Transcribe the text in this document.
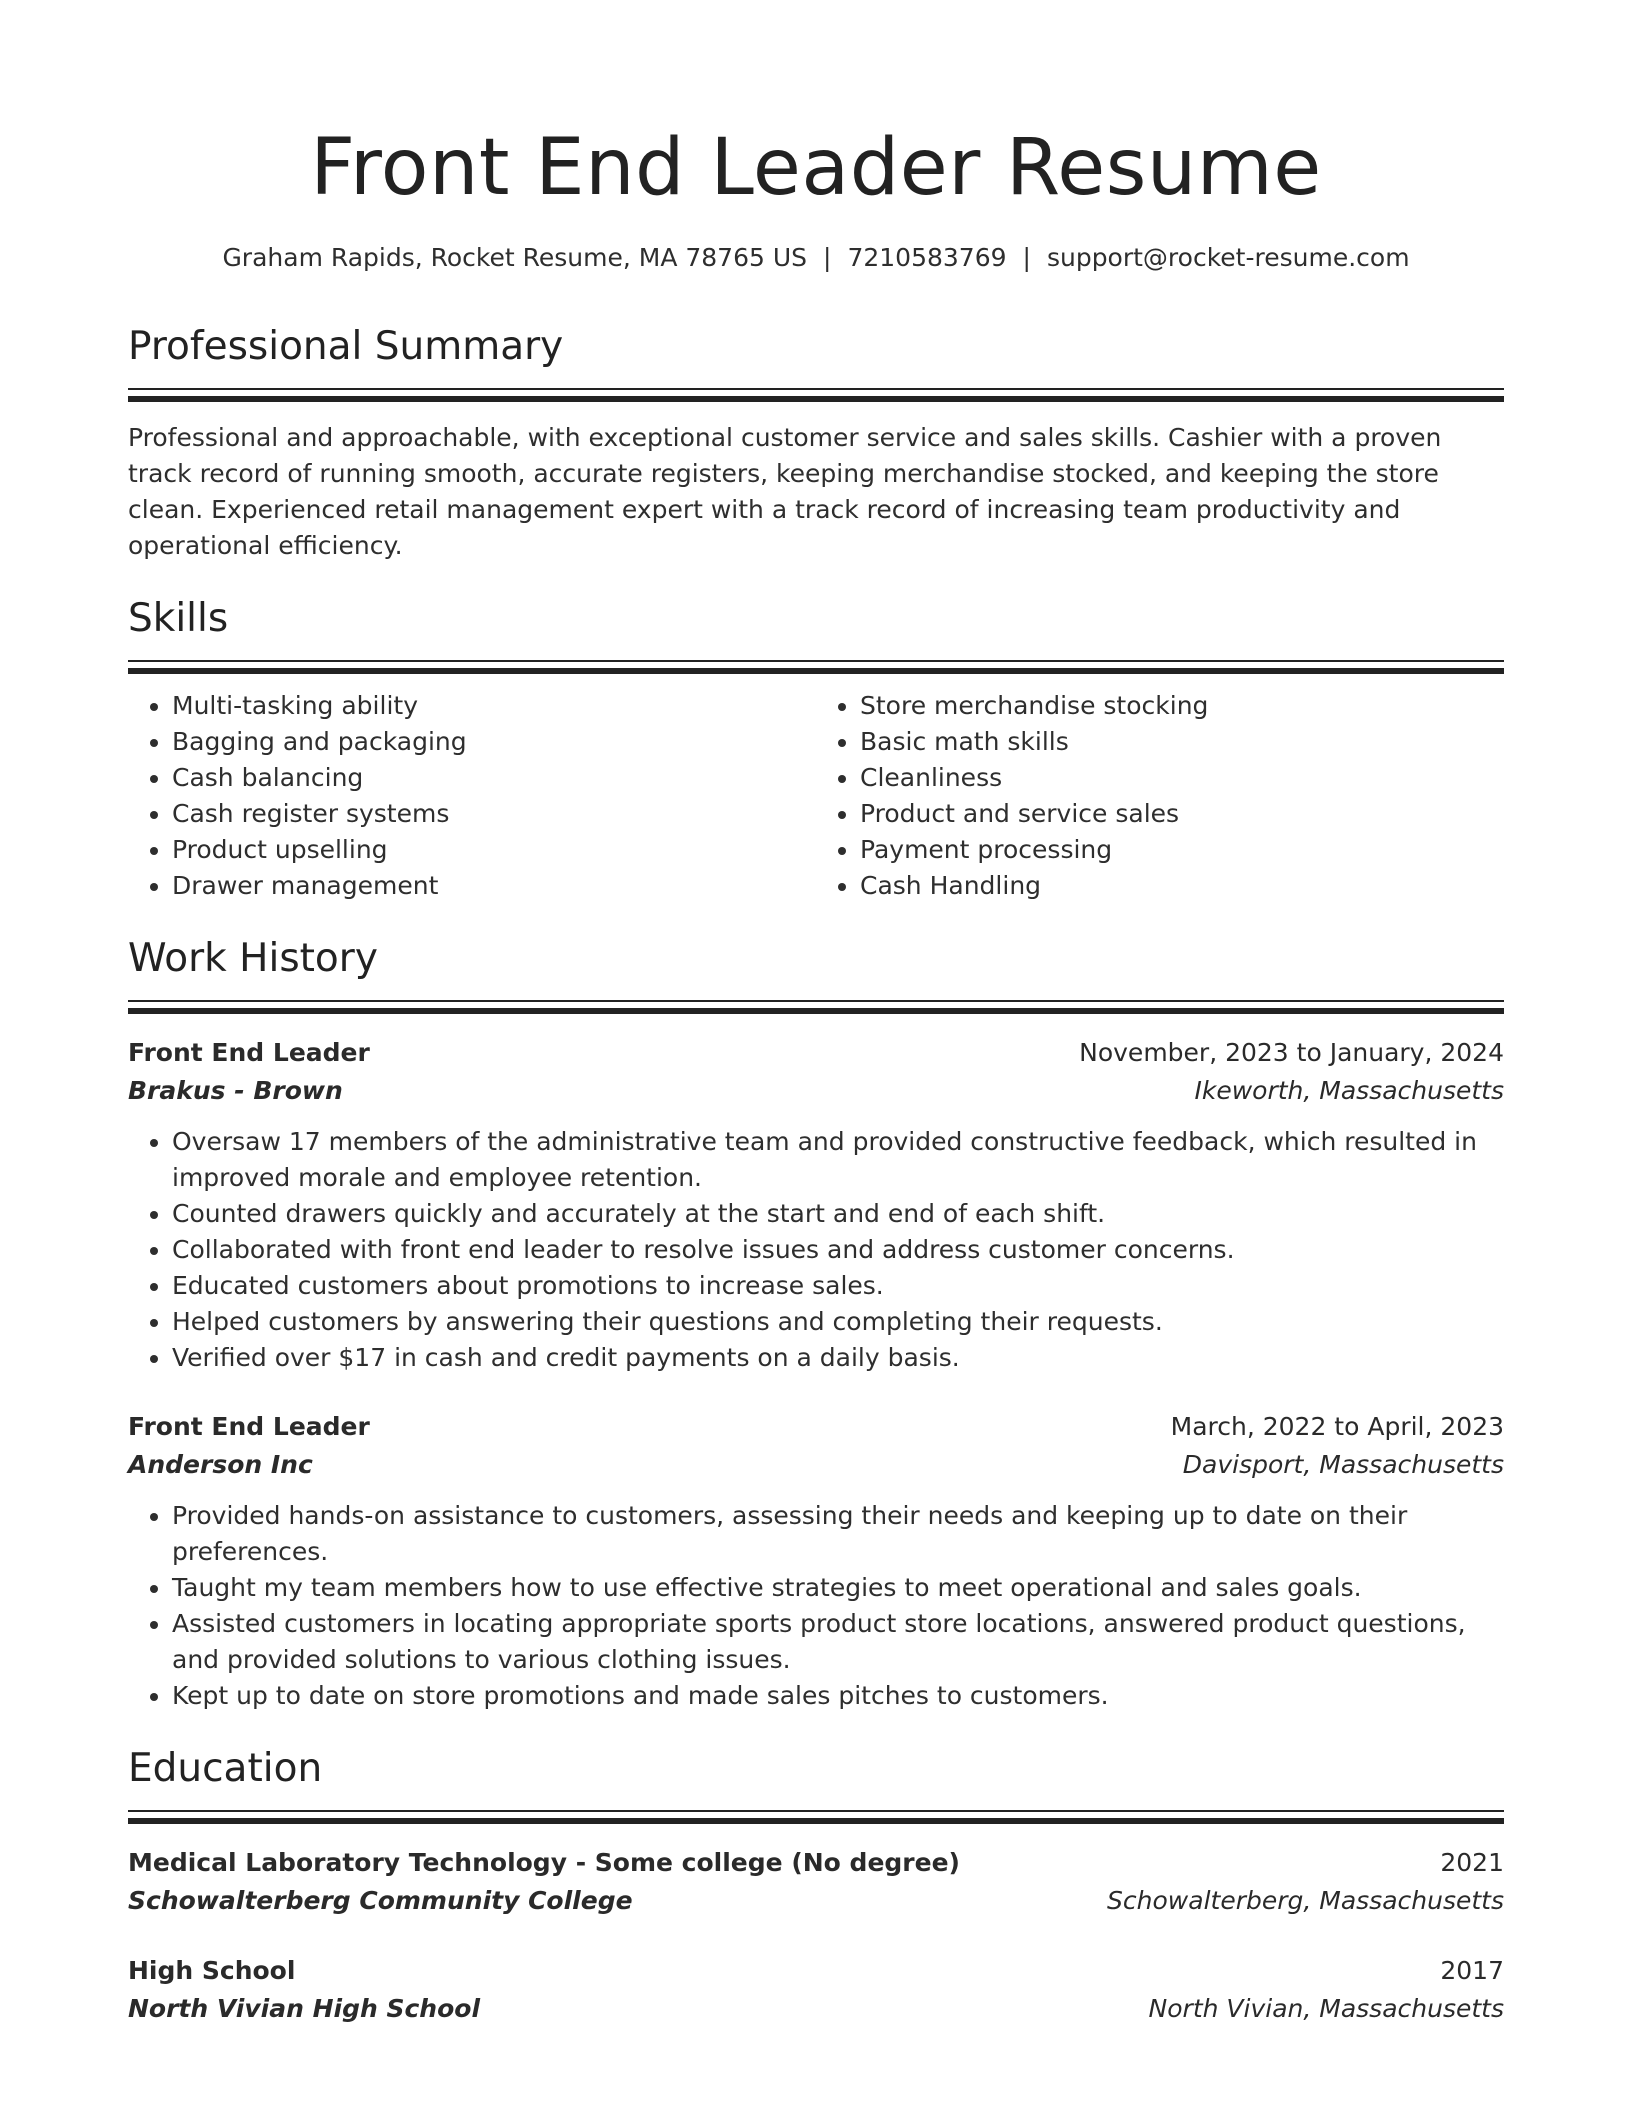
Front End Leader Resume
Graham Rapids, Rocket Resume, MA 78765 US | 7210583769 | support@rocket-resume.com
Professional Summary
Professional and approachable, with exceptional customer service and sales skills. Cashier with a proven track record of running smooth, accurate registers, keeping merchandise stocked, and keeping the store clean. Experienced retail management expert with a track record of increasing team productivity and operational efficiency.
Skills
• Multi-tasking ability
• Bagging and packaging
• Cash balancing
• Cash register systems
• Product upselling
• Drawer management
• Store merchandise stocking
• Basic math skills
• Cleanliness
• Product and service sales
• Payment processing
• Cash Handling
Work History
Front End Leader	November, 2023 to January, 2024
Brakus - Brown	Ikeworth, Massachusetts
• Oversaw 17 members of the administrative team and provided constructive feedback, which resulted in improved morale and employee retention.
• Counted drawers quickly and accurately at the start and end of each shift.
• Collaborated with front end leader to resolve issues and address customer concerns.
• Educated customers about promotions to increase sales.
• Helped customers by answering their questions and completing their requests.
• Verified over $17 in cash and credit payments on a daily basis.
Front End Leader	March, 2022 to April, 2023
Anderson Inc	Davisport, Massachusetts
• Provided hands-on assistance to customers, assessing their needs and keeping up to date on their preferences.
• Taught my team members how to use effective strategies to meet operational and sales goals.
• Assisted customers in locating appropriate sports product store locations, answered product questions, and provided solutions to various clothing issues.
• Kept up to date on store promotions and made sales pitches to customers.
Education
Medical Laboratory Technology - Some college (No degree)	2021
Schowalterberg Community College	Schowalterberg, Massachusetts
High School	2017
North Vivian High School	North Vivian, Massachusetts
